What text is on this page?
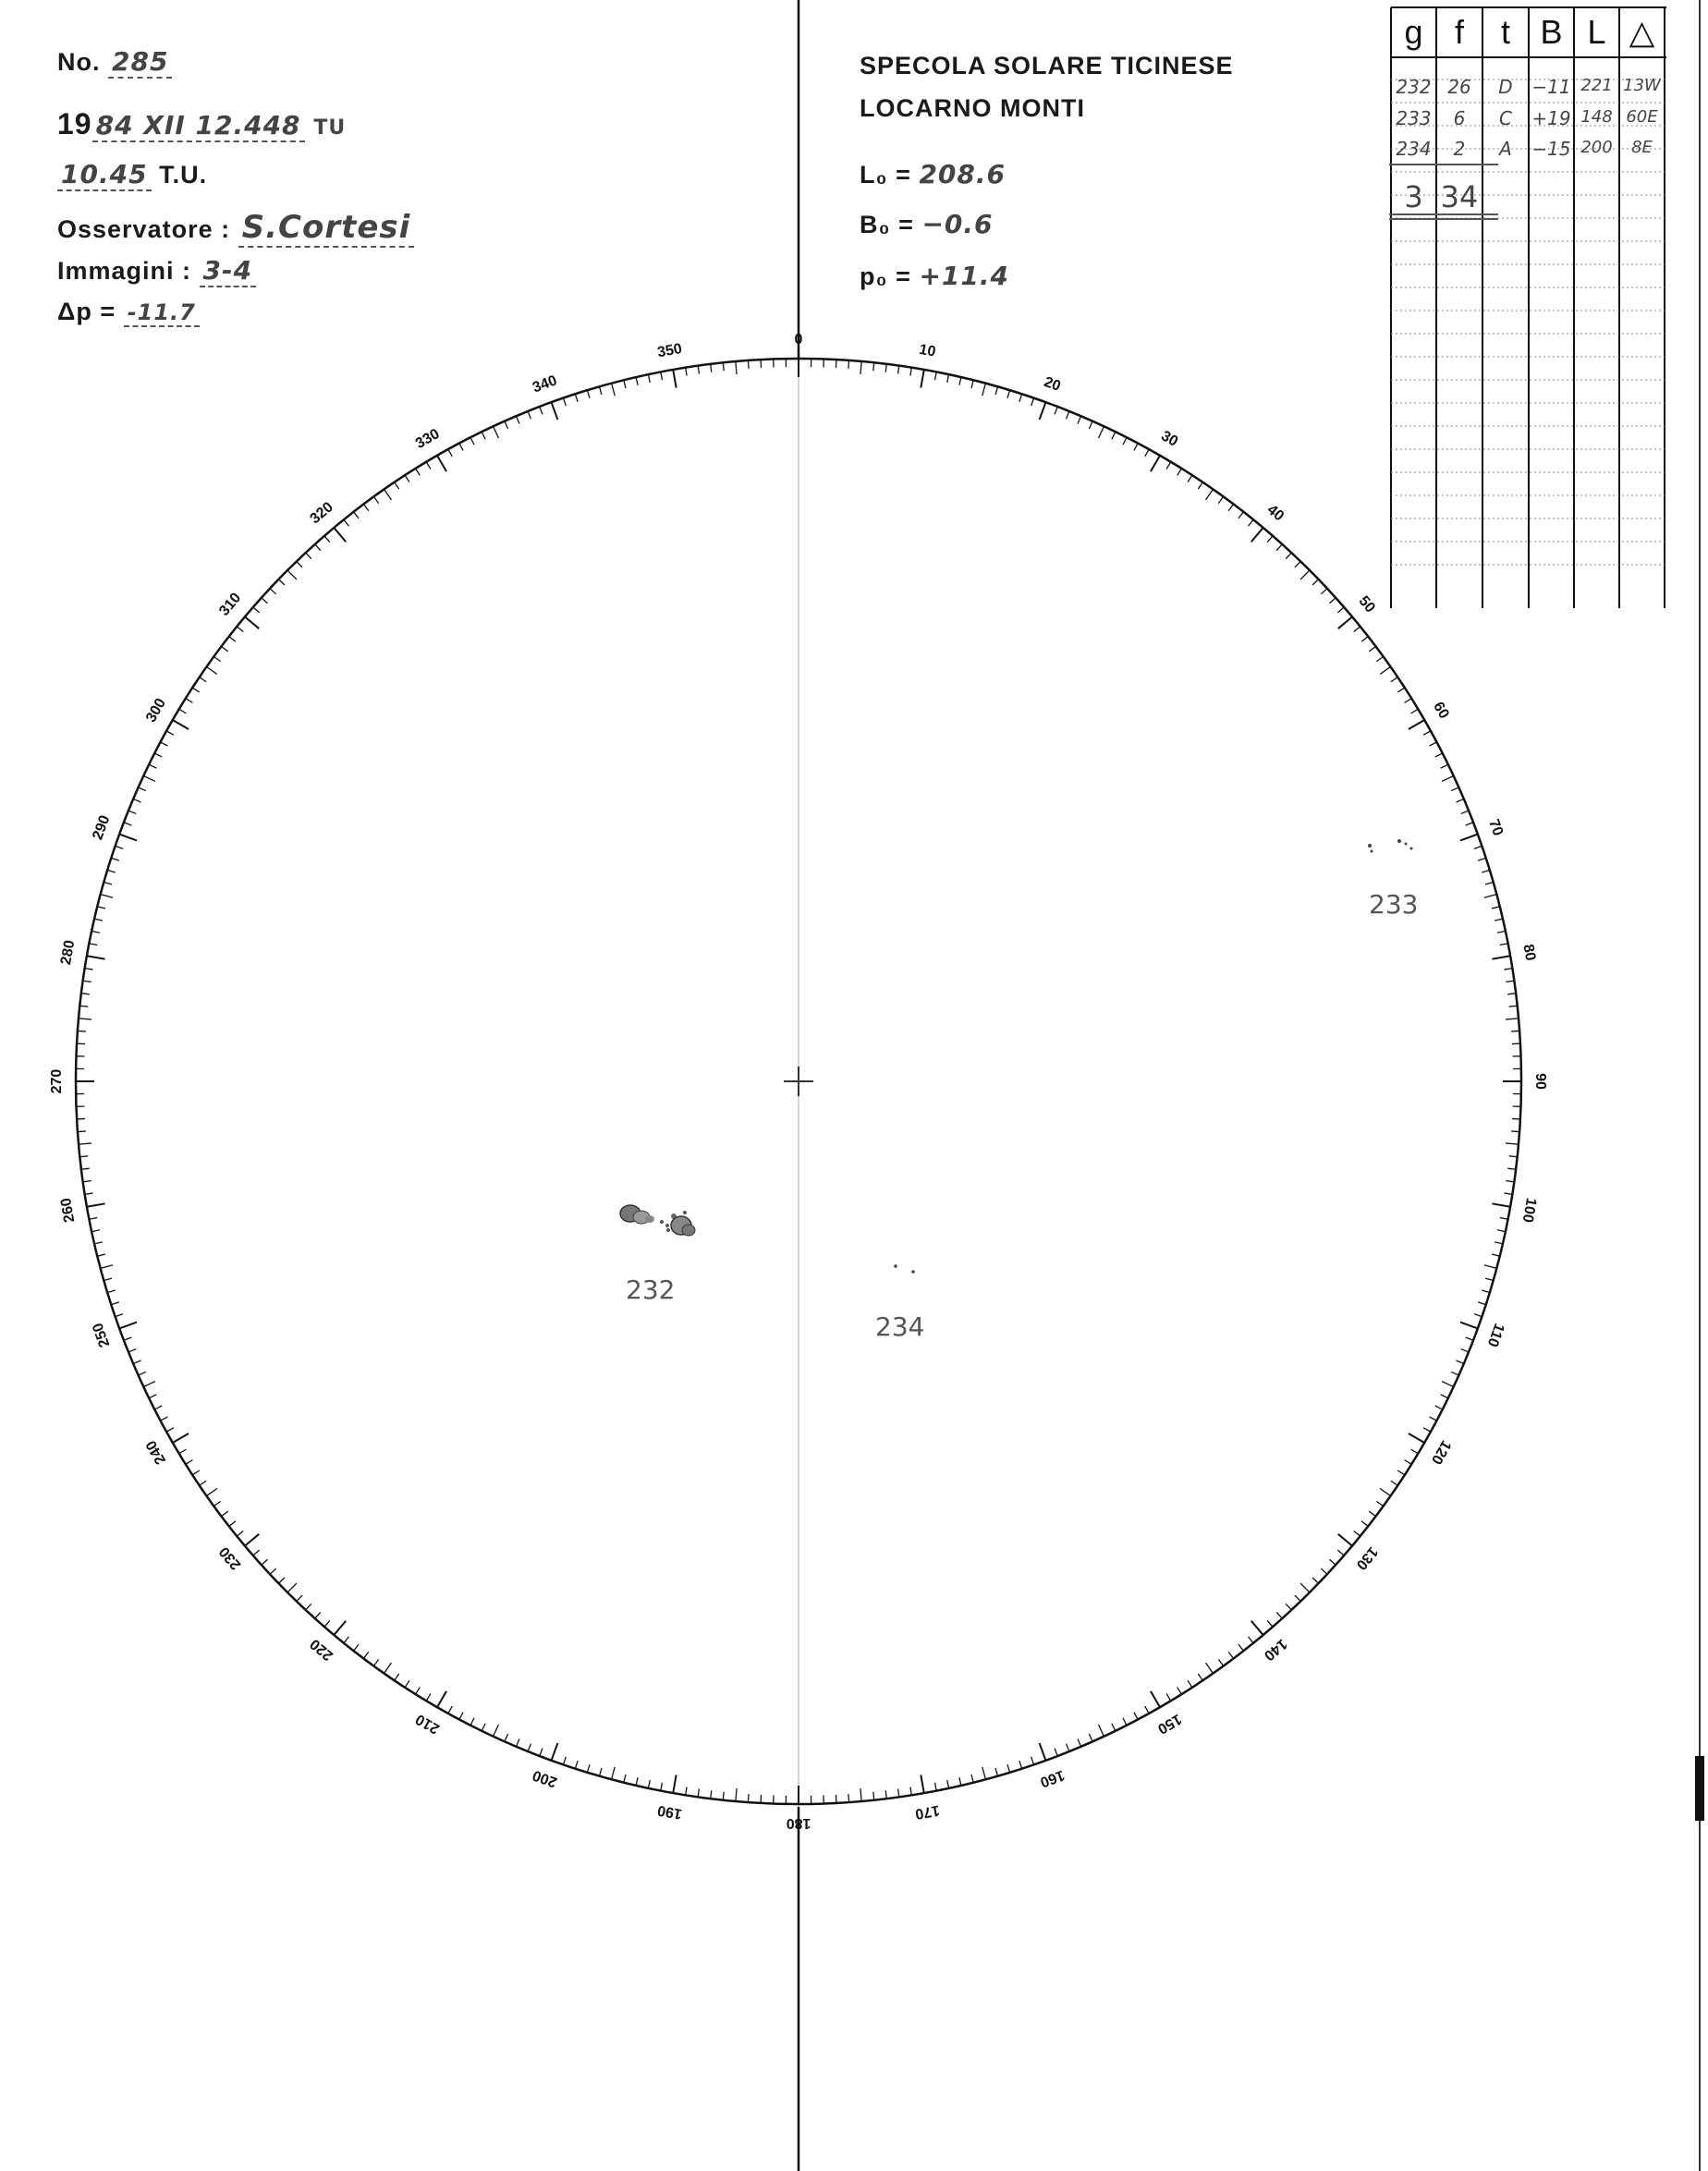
No. 285
19 84 XII 12.448 TU
10.45 T.U.
Osservatore : S.Cortesi
Immagini : 3-4
Δp = -11.7
SPECOLA SOLARE TICINESE
LOCARNO MONTI
L₀ = 208.6
B₀ = −0.6
p₀ = +11.4
g f	t B L △
232 26	D	−11 221 13W
233	6	C	+19 148 60E
234	2	A	−15 200	8E
3 34
0
10
20
30
40
50
60
70
80
90
100
110
120
130
140
150
160
170
180
190
200
210
220
230
240
250
260
270
280
290
300
310
320
330
340
350
232
233
234
